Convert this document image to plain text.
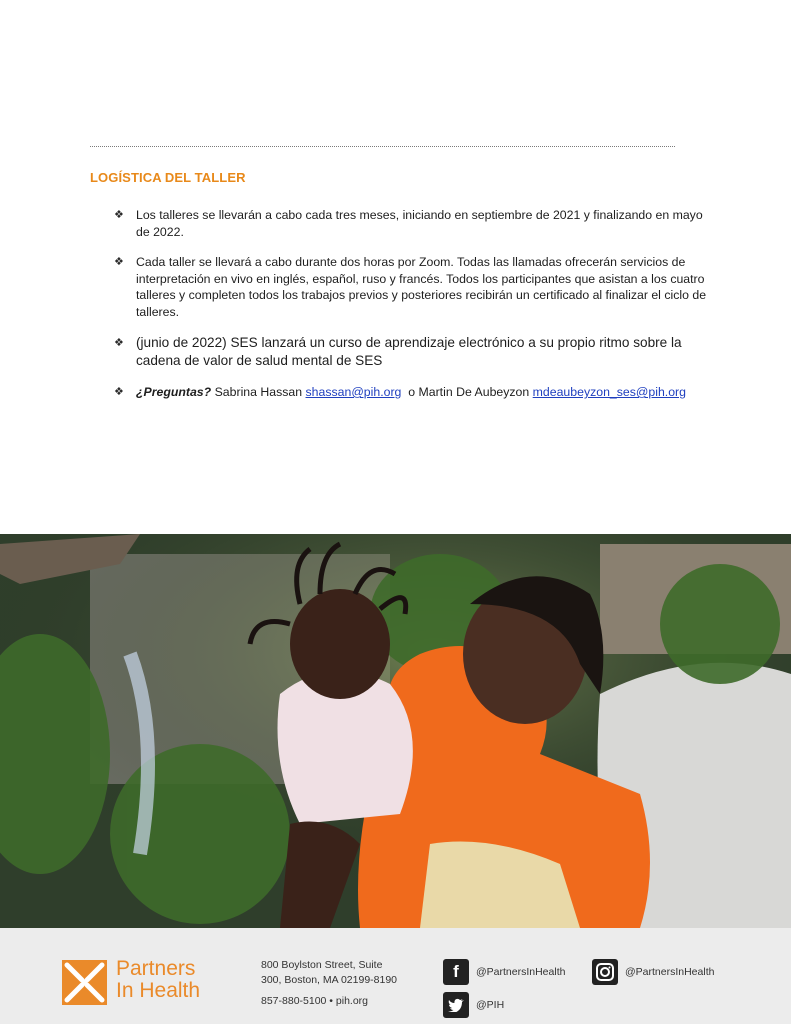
LOGÍSTICA DEL TALLER
❖ Los talleres se llevarán a cabo cada tres meses, iniciando en septiembre de 2021 y finalizando en mayo de 2022.
❖ Cada taller se llevará a cabo durante dos horas por Zoom. Todas las llamadas ofrecerán servicios de interpretación en vivo en inglés, español, ruso y francés. Todos los participantes que asistan a los cuatro talleres y completen todos los trabajos previos y posteriores recibirán un certificado al finalizar el ciclo de talleres.
❖ (junio de 2022) SES lanzará un curso de aprendizaje electrónico a su propio ritmo sobre la cadena de valor de salud mental de SES
❖ ¿Preguntas? Sabrina Hassan shassan@pih.org o Martin De Aubeyzon mdeaubeyzon_ses@pih.org
Partners
In Health
800 Boylston Street, Suite
300, Boston, MA 02199-8190
857-880-5100 • pih.org
f	@PartnersInHealth
@PIH
@PartnersInHealth
